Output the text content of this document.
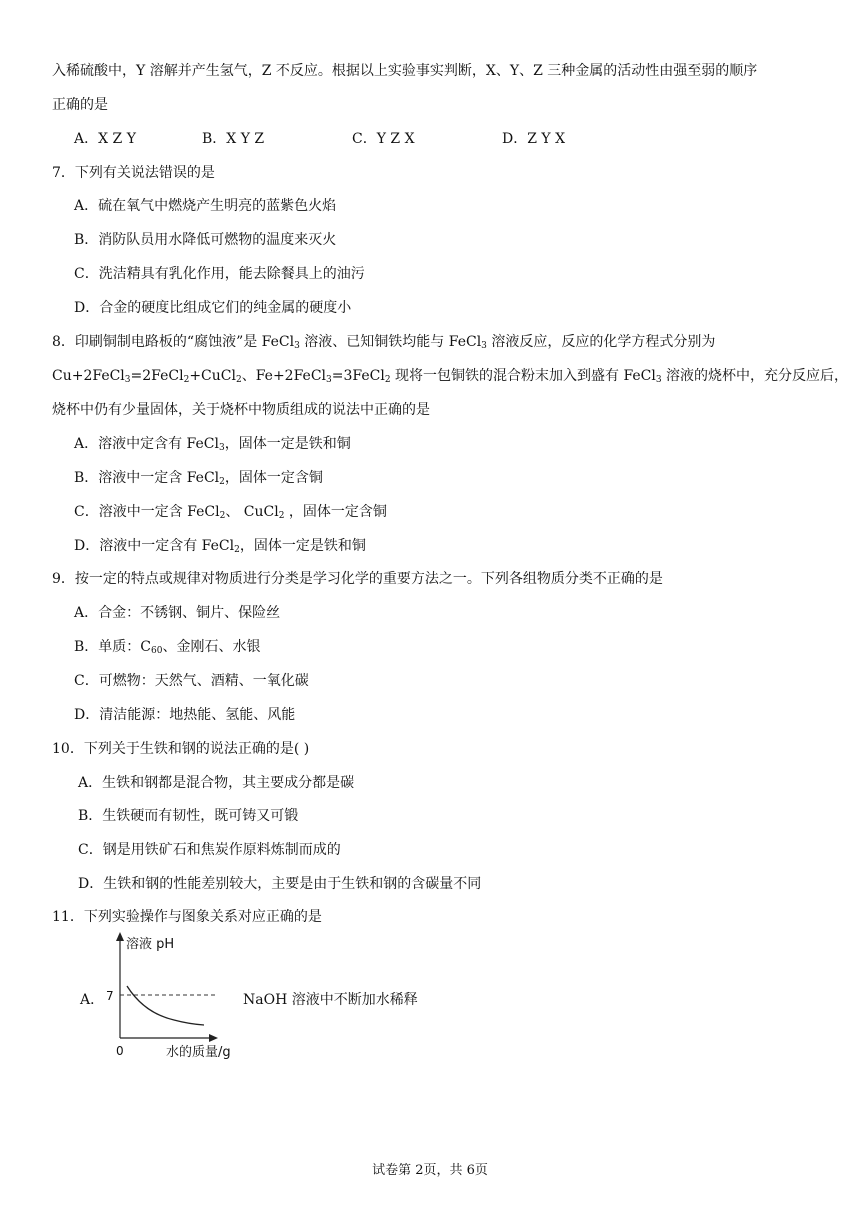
入稀硫酸中，Y 溶解并产生氢气，Z 不反应。根据以上实验事实判断，X、Y、Z 三种金属的活动性由强至弱的顺序
正确的是
A．X Z Y	B．X Y Z	C．Y Z X	D．Z Y X
7．下列有关说法错误的是
A．硫在氧气中燃烧产生明亮的蓝紫色火焰
B．消防队员用水降低可燃物的温度来灭火
C．洗洁精具有乳化作用，能去除餐具上的油污
D．合金的硬度比组成它们的纯金属的硬度小
8．印刷铜制电路板的“腐蚀液”是 FeCl$_3$ 溶液、已知铜铁均能与 FeCl$_3$ 溶液反应，反应的化学方程式分别为
Cu+2FeCl$_3$=2FeCl$_2$+CuCl$_2$、Fe+2FeCl$_3$=3FeCl$_2$ 现将一包铜铁的混合粉末加入到盛有 FeCl$_3$ 溶液的烧杯中，充分反应后，
烧杯中仍有少量固体，关于烧杯中物质组成的说法中正确的是
A．溶液中定含有 FeCl$_3$，固体一定是铁和铜
B．溶液中一定含 FeCl$_2$，固体一定含铜
C．溶液中一定含 FeCl$_2$、 CuCl$_2$ ，固体一定含铜
D．溶液中一定含有 FeCl$_2$，固体一定是铁和铜
9．按一定的特点或规律对物质进行分类是学习化学的重要方法之一。下列各组物质分类不正确的是
A．合金：不锈钢、铜片、保险丝
B．单质：$C_{60}$、金刚石、水银
C．可燃物：天然气、酒精、一氧化碳
D．清洁能源：地热能、氢能、风能
10．下列关于生铁和钢的说法正确的是( )
A．生铁和钢都是混合物，其主要成分都是碳
B．生铁硬而有韧性，既可铸又可锻
C．钢是用铁矿石和焦炭作原料炼制而成的
D．生铁和钢的性能差别较大，主要是由于生铁和钢的含碳量不同
11．下列实验操作与图象关系对应正确的是
A．	NaOH 溶液中不断加水稀释
溶液 pH
7
0	水的质量/g
试卷第 2页，共 6页
